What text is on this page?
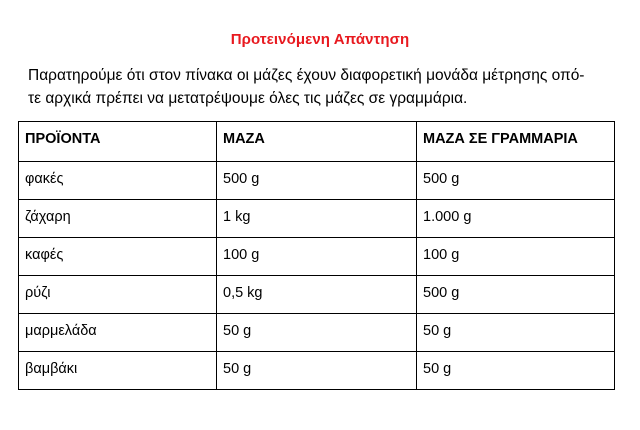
Προτεινόμενη Απάντηση

Παρατηρούμε ότι στον πίνακα οι μάζες έχουν διαφορετική μονάδα μέτρησης οπό-
τε αρχικά πρέπει να μετατρέψουμε όλες τις μάζες σε γραμμάρια.

ΠΡΟΪΟΝΤΑ	ΜΑΖΑ	ΜΑΖΑ ΣΕ ΓΡΑΜΜΑΡΙΑ
φακές	500 g	500 g
ζάχαρη	1 kg	1.000 g
καφές	100 g	100 g
ρύζι	0,5 kg	500 g
μαρμελάδα	50 g	50 g
βαμβάκι	50 g	50 g
